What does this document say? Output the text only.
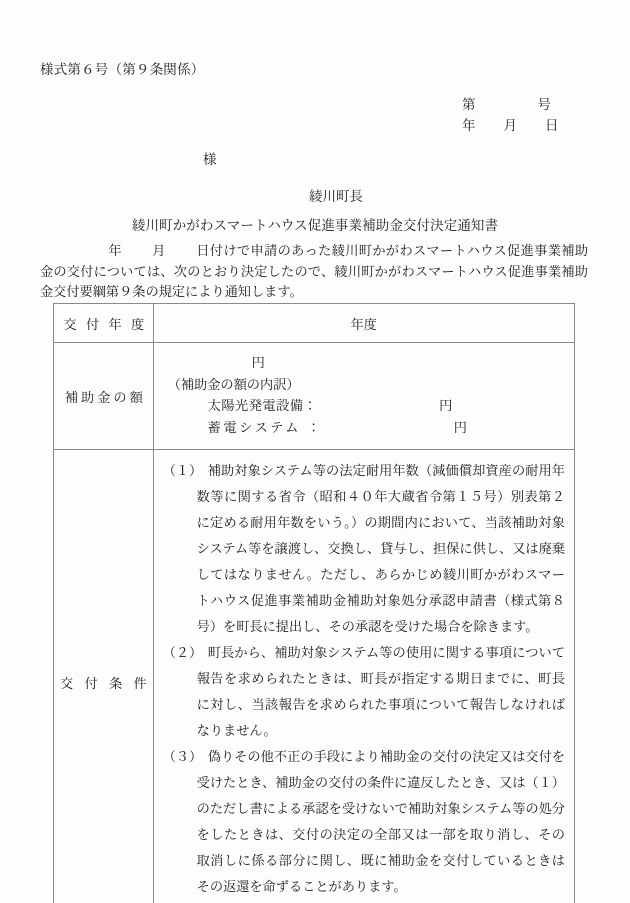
様式第６号（第９条関係）
第	号
年 月 日
様
綾川町長
綾川町かがわスマートハウス促進事業補助金交付決定通知書
年 月 日付けで申請のあった綾川町かがわスマートハウス促進事業補助金の交付については、次のとおり決定したので、綾川町かがわスマートハウス促進事業補助金交付要綱第９条の規定により通知します。
交 付 年 度	年度
補助金の額	円
（補助金の額の内訳）
太陽光発電設備： 円
蓄電システム ： 円

交 付 条 件	（１） 補助対象システム等の法定耐用年数（減価償却資産の耐用年数等に関する省令（昭和４０年大蔵省令第１５号）別表第２に定める耐用年数をいう。）の期間内において、当該補助対象システム等を譲渡し、交換し、貸与し、担保に供し、又は廃棄してはなりません。ただし、あらかじめ綾川町かがわスマートハウス促進事業補助金補助対象処分承認申請書（様式第８号）を町長に提出し、その承認を受けた場合を除きます。
（２） 町長から、補助対象システム等の使用に関する事項について報告を求められたときは、町長が指定する期日までに、町長に対し、当該報告を求められた事項について報告しなければなりません。
（３） 偽りその他不正の手段により補助金の交付の決定又は交付を受けたとき、補助金の交付の条件に違反したとき、又は（１）のただし書による承認を受けないで補助対象システム等の処分をしたときは、交付の決定の全部又は一部を取り消し、その取消しに係る部分に関し、既に補助金を交付しているときはその返還を命ずることがあります。
